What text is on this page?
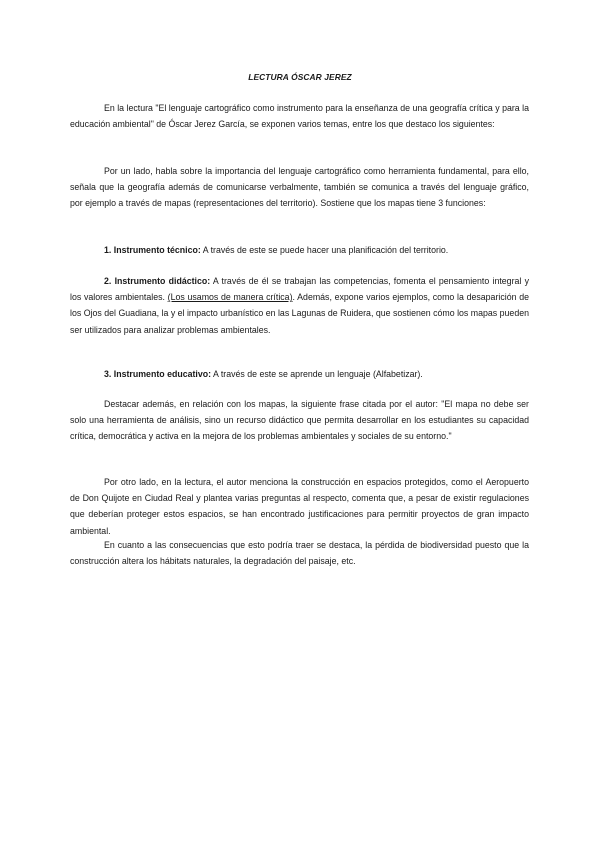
LECTURA ÓSCAR JEREZ

En la lectura "El lenguaje cartográfico como instrumento para la enseñanza de una geografía crítica y para la educación ambiental" de Óscar Jerez García, se exponen varios temas, entre los que destaco los siguientes:

Por un lado, habla sobre la importancia del lenguaje cartográfico como herramienta fundamental, para ello, señala que la geografía además de comunicarse verbalmente, también se comunica a través del lenguaje gráfico, por ejemplo a través de mapas (representaciones del territorio). Sostiene que los mapas tiene 3 funciones:

1. Instrumento técnico: A través de este se puede hacer una planificación del territorio.

2. Instrumento didáctico: A través de él se trabajan las competencias, fomenta el pensamiento integral y los valores ambientales. (Los usamos de manera crítica). Además, expone varios ejemplos, como la desaparición de los Ojos del Guadiana, la y el impacto urbanístico en las Lagunas de Ruidera, que sostienen cómo los mapas pueden ser utilizados para analizar problemas ambientales.

3. Instrumento educativo: A través de este se aprende un lenguaje (Alfabetizar).

Destacar además, en relación con los mapas, la siguiente frase citada por el autor: "El mapa no debe ser solo una herramienta de análisis, sino un recurso didáctico que permita desarrollar en los estudiantes su capacidad crítica, democrática y activa en la mejora de los problemas ambientales y sociales de su entorno."

Por otro lado, en la lectura, el autor menciona la construcción en espacios protegidos, como el Aeropuerto de Don Quijote en Ciudad Real y plantea varias preguntas al respecto, comenta que, a pesar de existir regulaciones que deberían proteger estos espacios, se han encontrado justificaciones para permitir proyectos de gran impacto ambiental.

En cuanto a las consecuencias que esto podría traer se destaca, la pérdida de biodiversidad puesto que la construcción altera los hábitats naturales, la degradación del paisaje, etc.
